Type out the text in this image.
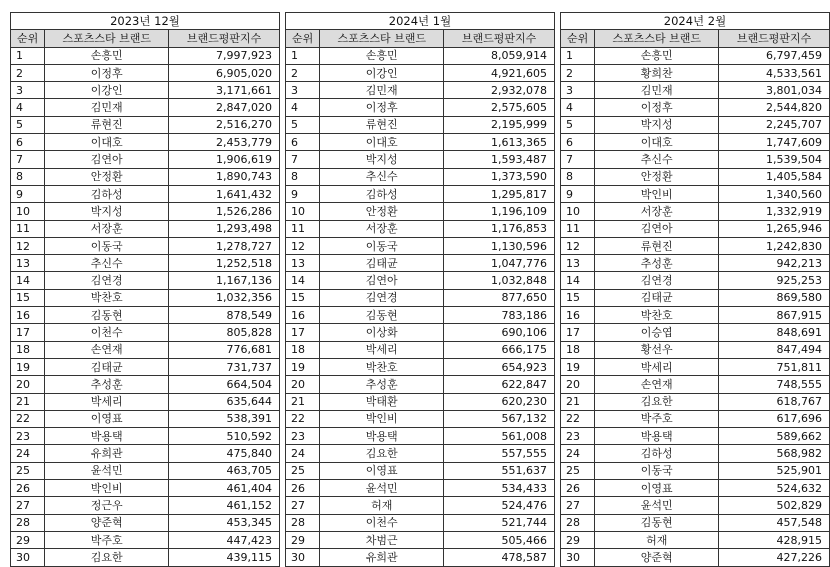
2023년 12월		
순위	스포츠스타 브랜드	브랜드평판지수
1	손흥민	7,997,923
2	이정후	6,905,020
3	이강인	3,171,661
4	김민재	2,847,020
5	류현진	2,516,270
6	이대호	2,453,779
7	김연아	1,906,619
8	안정환	1,890,743
9	김하성	1,641,432
10	박지성	1,526,286
11	서장훈	1,293,498
12	이동국	1,278,727
13	추신수	1,252,518
14	김연경	1,167,136
15	박찬호	1,032,356
16	김동현	878,549
17	이천수	805,828
18	손연재	776,681
19	김태균	731,737
20	추성훈	664,504
21	박세리	635,644
22	이영표	538,391
23	박용택	510,592
24	유희관	475,840
25	윤석민	463,705
26	박인비	461,404
27	정근우	461,152
28	양준혁	453,345
29	박주호	447,423
30	김요한	439,115
2024년 1월		
순위	스포츠스타 브랜드	브랜드평판지수
1	손흥민	8,059,914
2	이강인	4,921,605
3	김민재	2,932,078
4	이정후	2,575,605
5	류현진	2,195,999
6	이대호	1,613,365
7	박지성	1,593,487
8	추신수	1,373,590
9	김하성	1,295,817
10	안정환	1,196,109
11	서장훈	1,176,853
12	이동국	1,130,596
13	김태균	1,047,776
14	김연아	1,032,848
15	김연경	877,650
16	김동현	783,186
17	이상화	690,106
18	박세리	666,175
19	박찬호	654,923
20	추성훈	622,847
21	박태환	620,230
22	박인비	567,132
23	박용택	561,008
24	김요한	557,555
25	이영표	551,637
26	윤석민	534,433
27	허재	524,476
28	이천수	521,744
29	차범근	505,466
30	유희관	478,587
2024년 2월		
순위	스포츠스타 브랜드	브랜드평판지수
1	손흥민	6,797,459
2	황희찬	4,533,561
3	김민재	3,801,034
4	이정후	2,544,820
5	박지성	2,245,707
6	이대호	1,747,609
7	추신수	1,539,504
8	안정환	1,405,584
9	박인비	1,340,560
10	서장훈	1,332,919
11	김연아	1,265,946
12	류현진	1,242,830
13	추성훈	942,213
14	김연경	925,253
15	김태균	869,580
16	박찬호	867,915
17	이승엽	848,691
18	황선우	847,494
19	박세리	751,811
20	손연재	748,555
21	김요한	618,767
22	박주호	617,696
23	박용택	589,662
24	김하성	568,982
25	이동국	525,901
26	이영표	524,632
27	윤석민	502,829
28	김동현	457,548
29	허재	428,915
30	양준혁	427,226
